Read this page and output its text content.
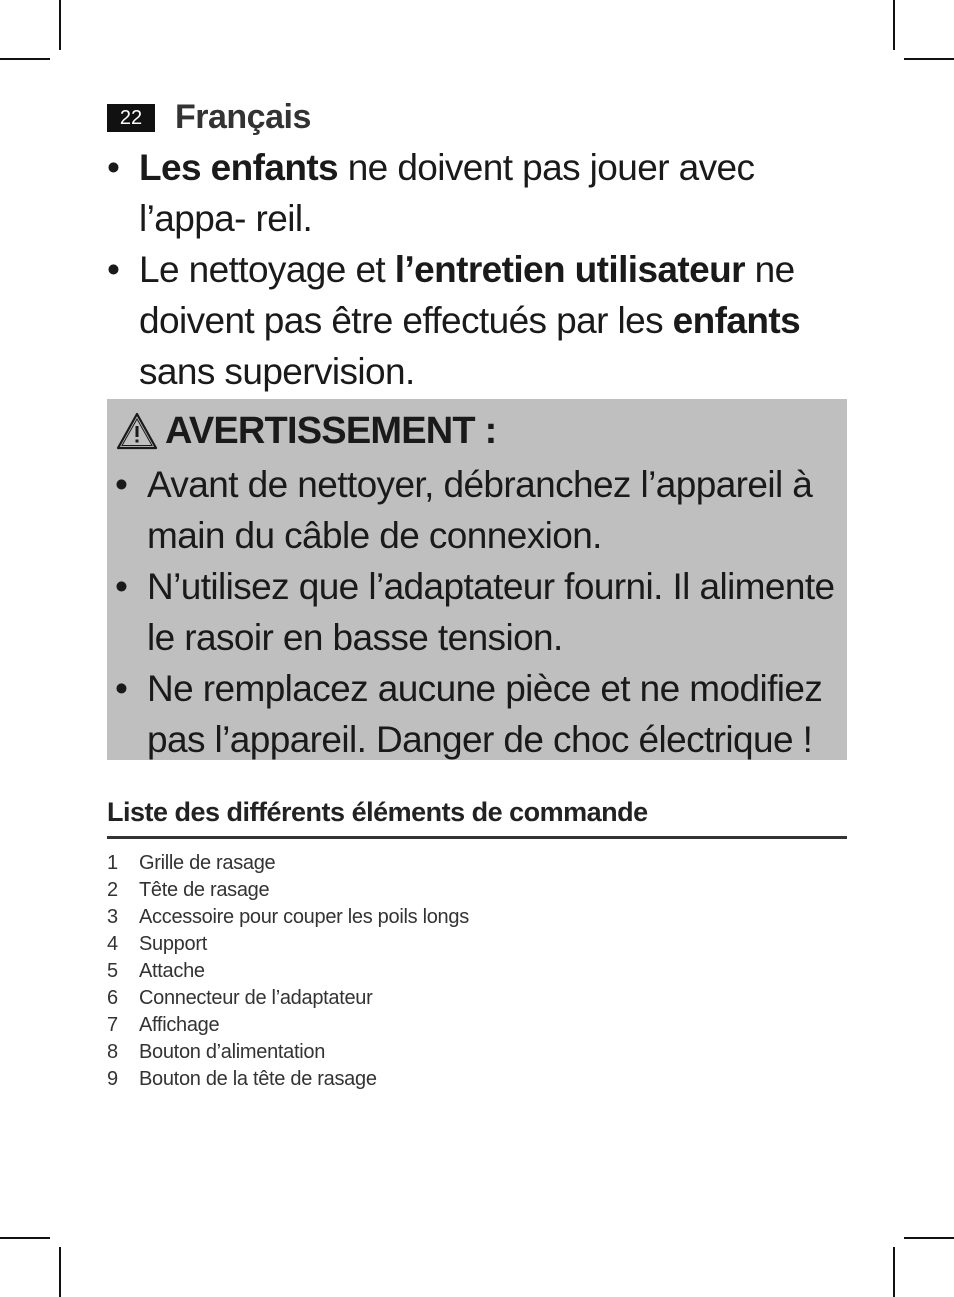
22 Français
• Les enfants ne doivent pas jouer avec l’appa- reil.
• Le nettoyage et l’entretien utilisateur ne doivent pas être effectués par les enfants sans supervision.
AVERTISSEMENT :
• Avant de nettoyer, débranchez l’appareil à main du câble de connexion.
• N’utilisez que l’adaptateur fourni. Il alimente le rasoir en basse tension.
• Ne remplacez aucune pièce et ne modifiez pas l’appareil. Danger de choc électrique !
Liste des différents éléments de commande
1	Grille de rasage
2	Tête de rasage
3	Accessoire pour couper les poils longs
4	Support
5	Attache
6	Connecteur de l’adaptateur
7	Affichage
8	Bouton d’alimentation
9	Bouton de la tête de rasage
